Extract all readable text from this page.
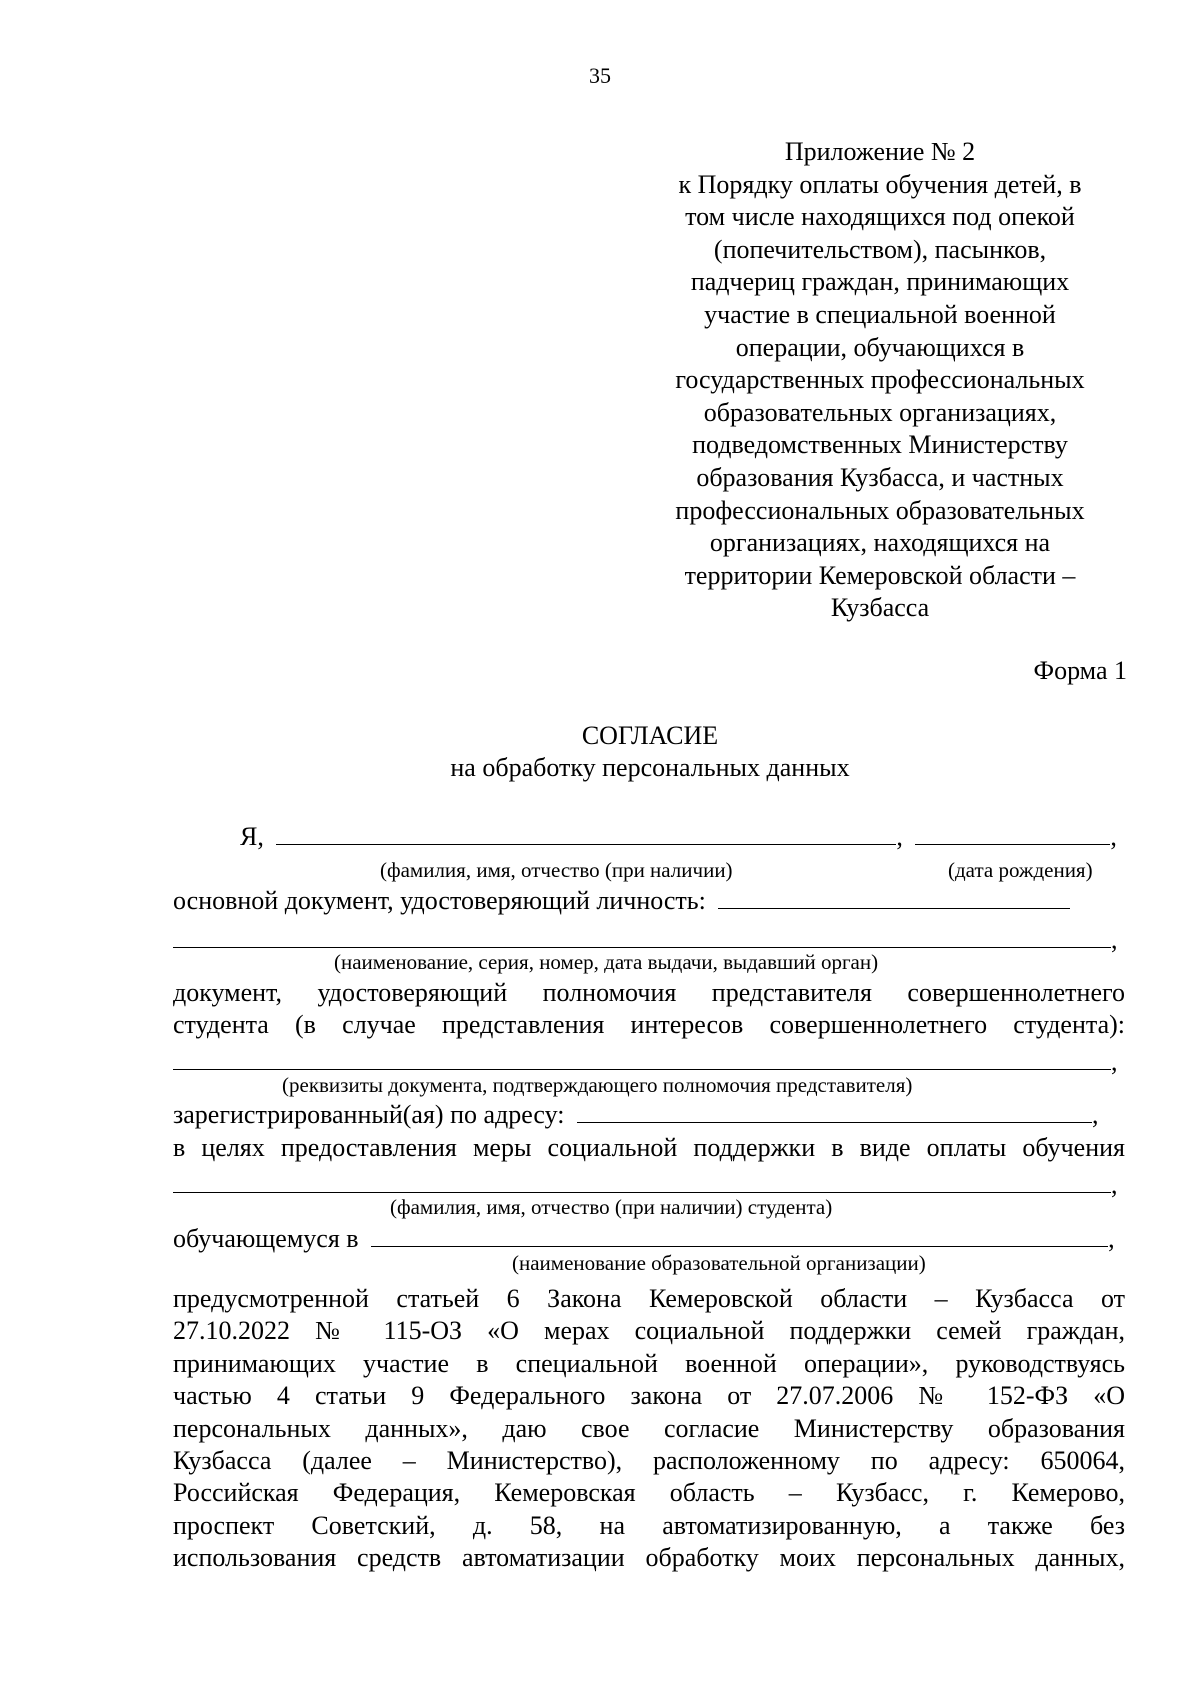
35
Приложение № 2
к Порядку оплаты обучения детей, в
том числе находящихся под опекой
(попечительством), пасынков,
падчериц граждан, принимающих
участие в специальной военной
операции, обучающихся в
государственных профессиональных
образовательных организациях,
подведомственных Министерству
образования Кузбасса, и частных
профессиональных образовательных
организациях, находящихся на
территории Кемеровской области –
Кузбасса
Форма 1
СОГЛАСИЕ
на обработку персональных данных
Я,	,	,
(фамилия, имя, отчество (при наличии)	(дата рождения)
основной документ, удостоверяющий личность:
,
(наименование, серия, номер, дата выдачи, выдавший орган)
документ, удостоверяющий полномочия представителя совершеннолетнего
студента (в случае представления интересов совершеннолетнего студента):
,
(реквизиты документа, подтверждающего полномочия представителя)
зарегистрированный(ая) по адресу:	,
в целях предоставления меры социальной поддержки в виде оплаты обучения
,
(фамилия, имя, отчество (при наличии) студента)
обучающемуся в	,
(наименование образовательной организации)
предусмотренной статьей 6 Закона Кемеровской области – Кузбасса от
27.10.2022 № 115-ОЗ «О мерах социальной поддержки семей граждан,
принимающих участие в специальной военной операции», руководствуясь
частью 4 статьи 9 Федерального закона от 27.07.2006 № 152-ФЗ «О
персональных данных», даю свое согласие Министерству образования
Кузбасса (далее – Министерство), расположенному по адресу: 650064,
Российская Федерация, Кемеровская область – Кузбасс, г. Кемерово,
проспект Советский, д. 58, на автоматизированную, а также без
использования средств автоматизации обработку моих персональных данных,
